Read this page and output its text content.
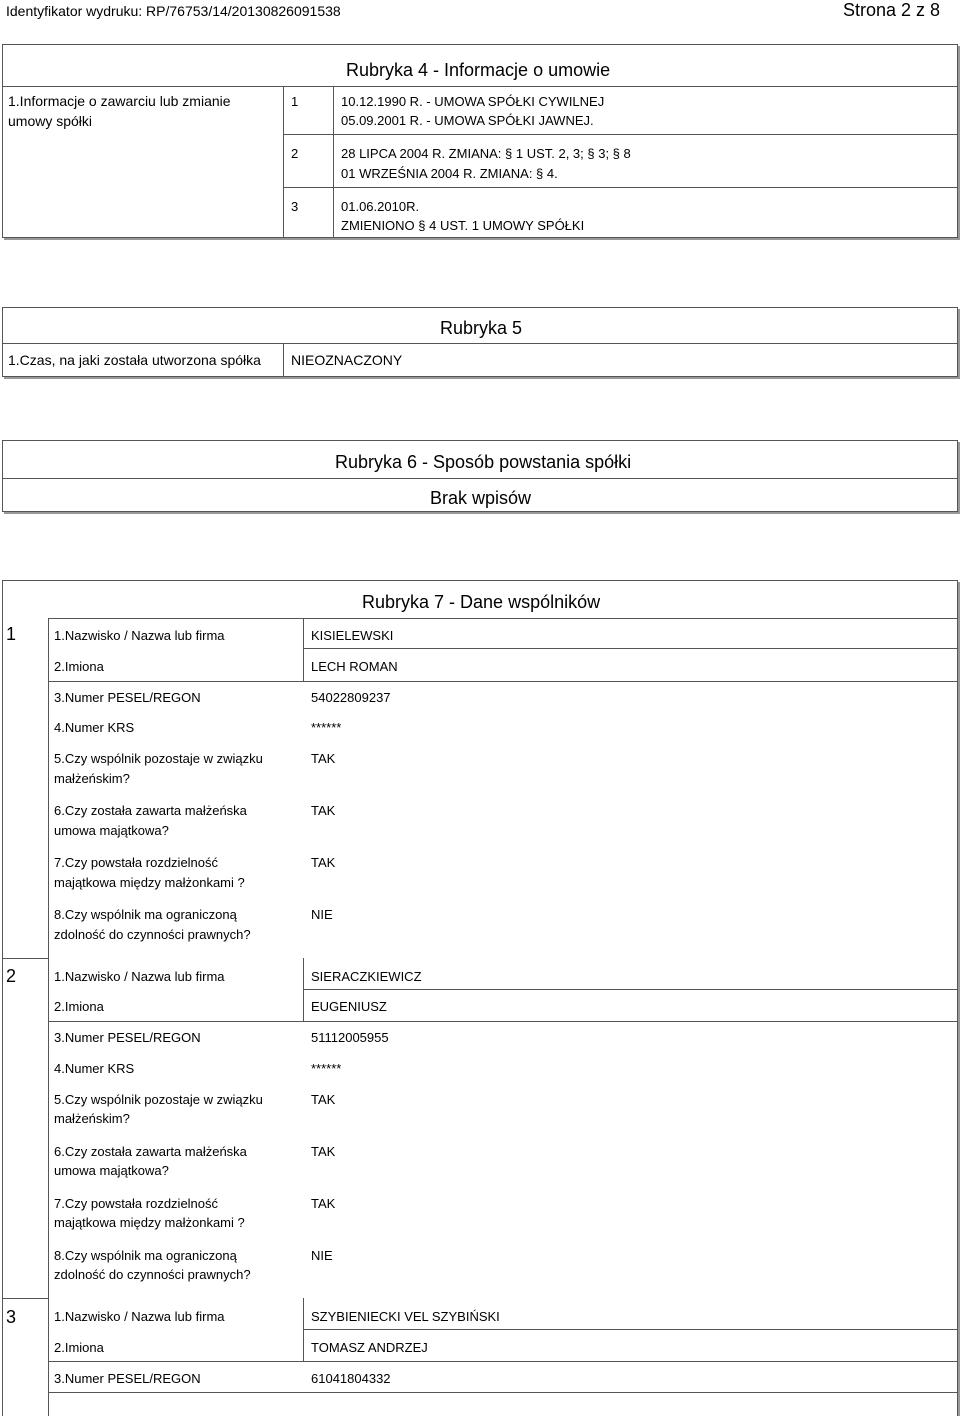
Identyfikator wydruku: RP/76753/14/20130826091538	Strona 2 z 8
Rubryka 4 - Informacje o umowie
1.Informacje o zawarciu lub zmianie
umowy spółki
1	10.12.1990 R. - UMOWA SPÓŁKI CYWILNEJ
05.09.2001 R. - UMOWA SPÓŁKI JAWNEJ.
2	28 LIPCA 2004 R. ZMIANA: § 1 UST. 2, 3; § 3; § 8
01 WRZEŚNIA 2004 R. ZMIANA: § 4.
3	01.06.2010R.
ZMIENIONO § 4 UST. 1 UMOWY SPÓŁKI
Rubryka 5
1.Czas, na jaki została utworzona spółka NIEOZNACZONY
Rubryka 6 - Sposób powstania spółki
Brak wpisów
Rubryka 7 - Dane wspólników
1	1.Nazwisko / Nazwa lub firma	KISIELEWSKI
2.Imiona	LECH ROMAN
3.Numer PESEL/REGON	54022809237
4.Numer KRS	******
5.Czy wspólnik pozostaje w związku
małżeńskim?
TAK
6.Czy została zawarta małżeńska
umowa majątkowa?
TAK
7.Czy powstała rozdzielność
majątkowa między małżonkami ?
TAK
8.Czy wspólnik ma ograniczoną
zdolność do czynności prawnych?
NIE
2	1.Nazwisko / Nazwa lub firma	SIERACZKIEWICZ
2.Imiona	EUGENIUSZ
3.Numer PESEL/REGON	51112005955
4.Numer KRS	******
5.Czy wspólnik pozostaje w związku
małżeńskim?
TAK
6.Czy została zawarta małżeńska
umowa majątkowa?
TAK
7.Czy powstała rozdzielność
majątkowa między małżonkami ?
TAK
8.Czy wspólnik ma ograniczoną
zdolność do czynności prawnych?
NIE
3	1.Nazwisko / Nazwa lub firma	SZYBIENIECKI VEL SZYBIŃSKI
2.Imiona	TOMASZ ANDRZEJ
3.Numer PESEL/REGON	61041804332
